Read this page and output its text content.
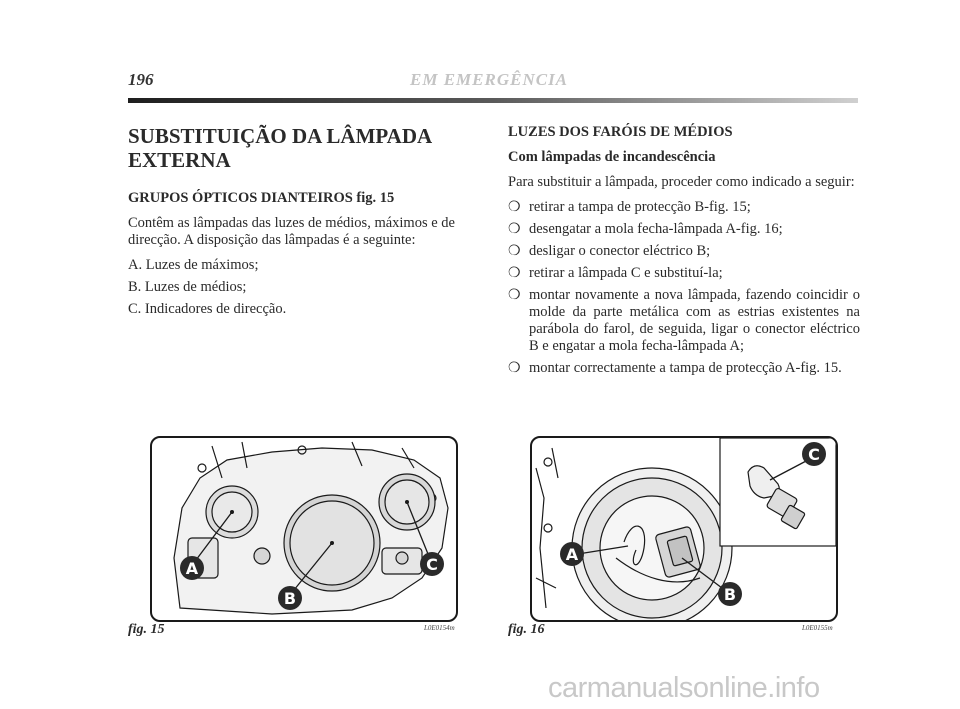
196	EM EMERGÊNCIA
SUBSTITUIÇÃO DA LÂMPADA
EXTERNA

GRUPOS ÓPTICOS DIANTEIROS fig. 15

Contêm as lâmpadas das luzes de médios, máximos e de direcção. A disposição das lâmpadas é a seguinte:

A. Luzes de máximos;
B. Luzes de médios;
C. Indicadores de direcção.

LUZES DOS FARÓIS DE MÉDIOS

Com lâmpadas de incandescência

Para substituir a lâmpada, proceder como indicado a seguir:

❍ retirar a tampa de protecção B-fig. 15;
❍ desengatar a mola fecha-lâmpada A-fig. 16;
❍ desligar o conector eléctrico B;
❍ retirar a lâmpada C e substituí-la;
❍ montar novamente a nova lâmpada, fazendo coincidir o molde da parte metálica com as estrias existentes na parábola do farol, de seguida, ligar o conector eléctrico B e engatar a mola fecha-lâmpada A;
❍ montar correctamente a tampa de protecção A-fig. 15.
A
B
C
fig. 15	L0E0154m
A
B
C
fig. 16	L0E0155m
carmanualsonline.info
